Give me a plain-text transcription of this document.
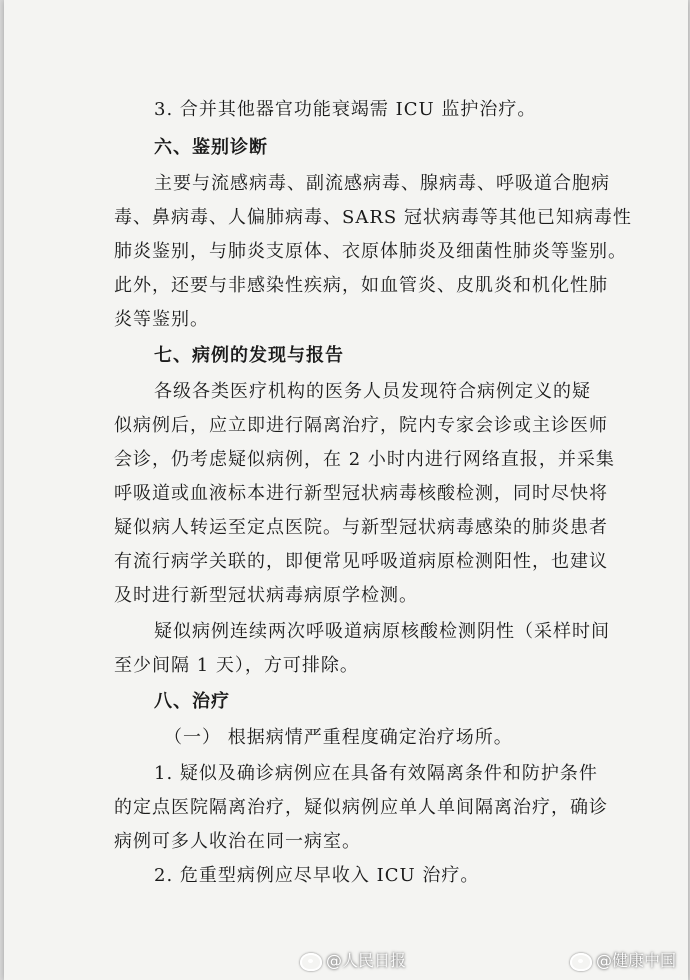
3. 合并其他器官功能衰竭需 ICU 监护治疗。
六、鉴别诊断
主要与流感病毒、副流感病毒、腺病毒、呼吸道合胞病
毒、鼻病毒、人偏肺病毒、SARS 冠状病毒等其他已知病毒性
肺炎鉴别，与肺炎支原体、衣原体肺炎及细菌性肺炎等鉴别。
此外，还要与非感染性疾病，如血管炎、皮肌炎和机化性肺
炎等鉴别。
七、病例的发现与报告
各级各类医疗机构的医务人员发现符合病例定义的疑
似病例后，应立即进行隔离治疗，院内专家会诊或主诊医师
会诊，仍考虑疑似病例，在 2 小时内进行网络直报，并采集
呼吸道或血液标本进行新型冠状病毒核酸检测，同时尽快将
疑似病人转运至定点医院。与新型冠状病毒感染的肺炎患者
有流行病学关联的，即便常见呼吸道病原检测阳性，也建议
及时进行新型冠状病毒病原学检测。
疑似病例连续两次呼吸道病原核酸检测阴性（采样时间
至少间隔 1 天），方可排除。
八、治疗
（一） 根据病情严重程度确定治疗场所。
1. 疑似及确诊病例应在具备有效隔离条件和防护条件
的定点医院隔离治疗，疑似病例应单人单间隔离治疗，确诊
病例可多人收治在同一病室。
2. 危重型病例应尽早收入 ICU 治疗。
@人民日报	@健康中国
